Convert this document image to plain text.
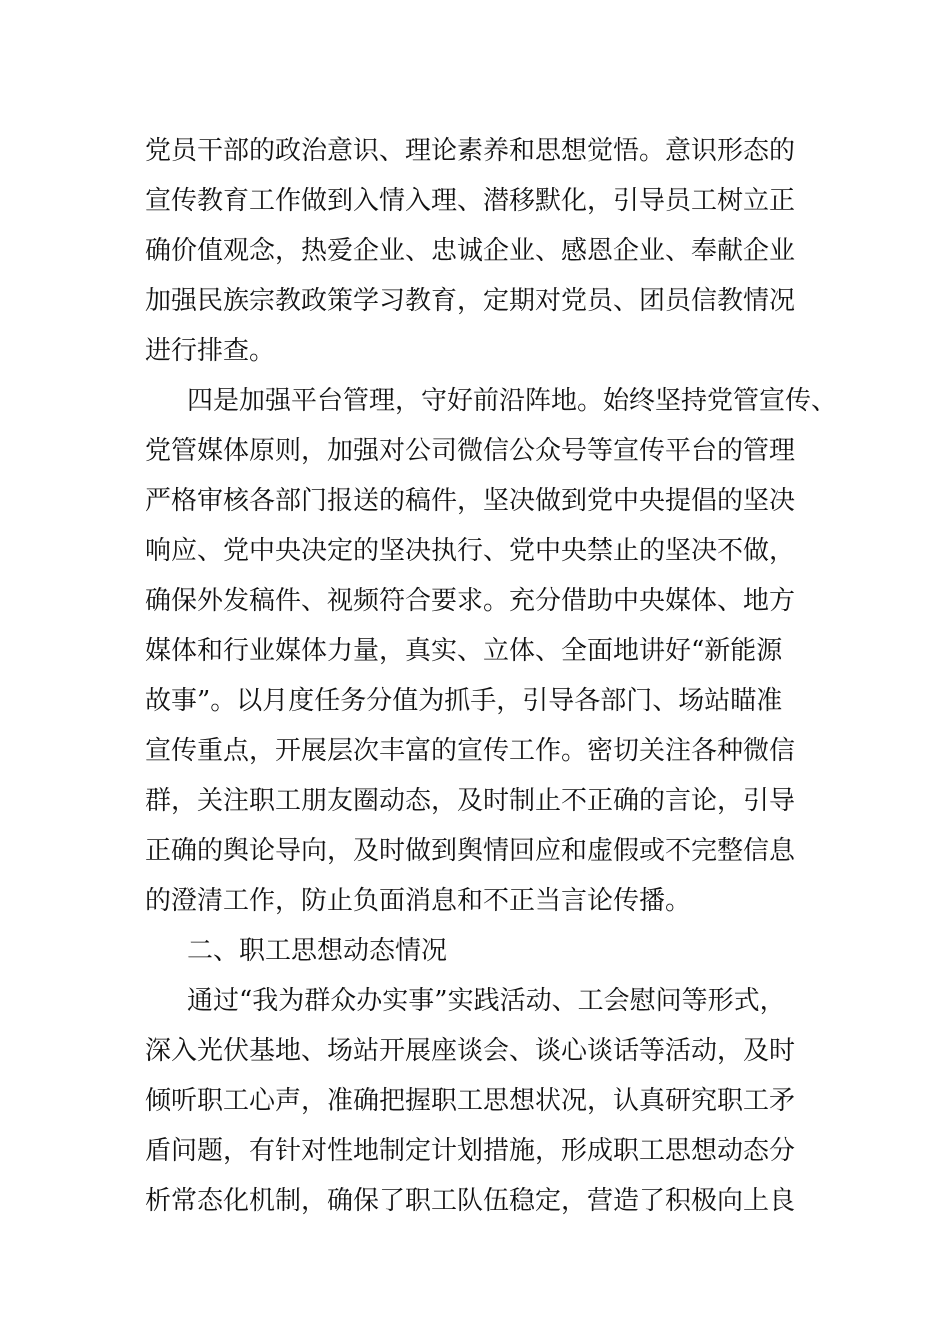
党员干部的政治意识、理论素养和思想觉悟。意识形态的
宣传教育工作做到入情入理、潜移默化，引导员工树立正
确价值观念，热爱企业、忠诚企业、感恩企业、奉献企业
加强民族宗教政策学习教育，定期对党员、团员信教情况
进行排查。
四是加强平台管理，守好前沿阵地。始终坚持党管宣传、
党管媒体原则，加强对公司微信公众号等宣传平台的管理
严格审核各部门报送的稿件，坚决做到党中央提倡的坚决
响应、党中央决定的坚决执行、党中央禁止的坚决不做，
确保外发稿件、视频符合要求。充分借助中央媒体、地方
媒体和行业媒体力量，真实、立体、全面地讲好“新能源
故事”。以月度任务分值为抓手，引导各部门、场站瞄准
宣传重点，开展层次丰富的宣传工作。密切关注各种微信
群，关注职工朋友圈动态，及时制止不正确的言论，引导
正确的舆论导向，及时做到舆情回应和虚假或不完整信息
的澄清工作，防止负面消息和不正当言论传播。
二、职工思想动态情况
通过“我为群众办实事”实践活动、工会慰问等形式，
深入光伏基地、场站开展座谈会、谈心谈话等活动，及时
倾听职工心声，准确把握职工思想状况，认真研究职工矛
盾问题，有针对性地制定计划措施，形成职工思想动态分
析常态化机制，确保了职工队伍稳定，营造了积极向上良
